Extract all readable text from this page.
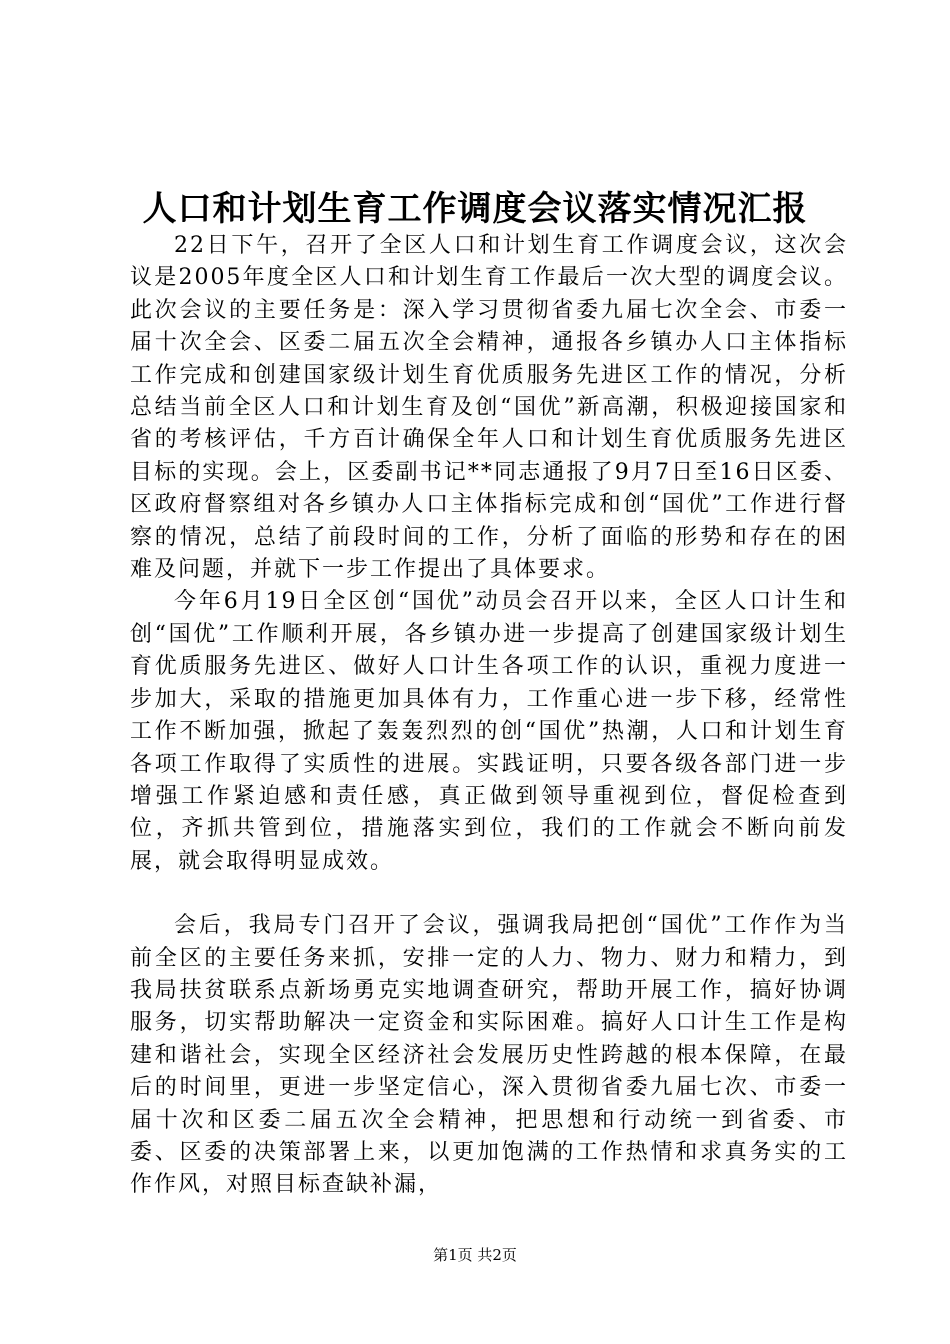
人口和计划生育工作调度会议落实情况汇报

22日下午，召开了全区人口和计划生育工作调度会议，这次会议是2005年度全区人口和计划生育工作最后一次大型的调度会议。此次会议的主要任务是：深入学习贯彻省委九届七次全会、市委一届十次全会、区委二届五次全会精神，通报各乡镇办人口主体指标工作完成和创建国家级计划生育优质服务先进区工作的情况，分析总结当前全区人口和计划生育及创“国优”新高潮，积极迎接国家和省的考核评估，千方百计确保全年人口和计划生育优质服务先进区目标的实现。会上，区委副书记**同志通报了9月7日至16日区委、区政府督察组对各乡镇办人口主体指标完成和创“国优”工作进行督察的情况，总结了前段时间的工作，分析了面临的形势和存在的困难及问题，并就下一步工作提出了具体要求。

今年6月19日全区创“国优”动员会召开以来，全区人口计生和创“国优”工作顺利开展，各乡镇办进一步提高了创建国家级计划生育优质服务先进区、做好人口计生各项工作的认识，重视力度进一步加大，采取的措施更加具体有力，工作重心进一步下移，经常性工作不断加强，掀起了轰轰烈烈的创“国优”热潮，人口和计划生育各项工作取得了实质性的进展。实践证明，只要各级各部门进一步增强工作紧迫感和责任感，真正做到领导重视到位，督促检查到位，齐抓共管到位，措施落实到位，我们的工作就会不断向前发展，就会取得明显成效。

会后，我局专门召开了会议，强调我局把创“国优”工作作为当前全区的主要任务来抓，安排一定的人力、物力、财力和精力，到我局扶贫联系点新场勇克实地调查研究，帮助开展工作，搞好协调服务，切实帮助解决一定资金和实际困难。搞好人口计生工作是构建和谐社会，实现全区经济社会发展历史性跨越的根本保障，在最后的时间里，更进一步坚定信心，深入贯彻省委九届七次、市委一届十次和区委二届五次全会精神，把思想和行动统一到省委、市委、区委的决策部署上来，以更加饱满的工作热情和求真务实的工作作风，对照目标查缺补漏，

第1页 共2页
